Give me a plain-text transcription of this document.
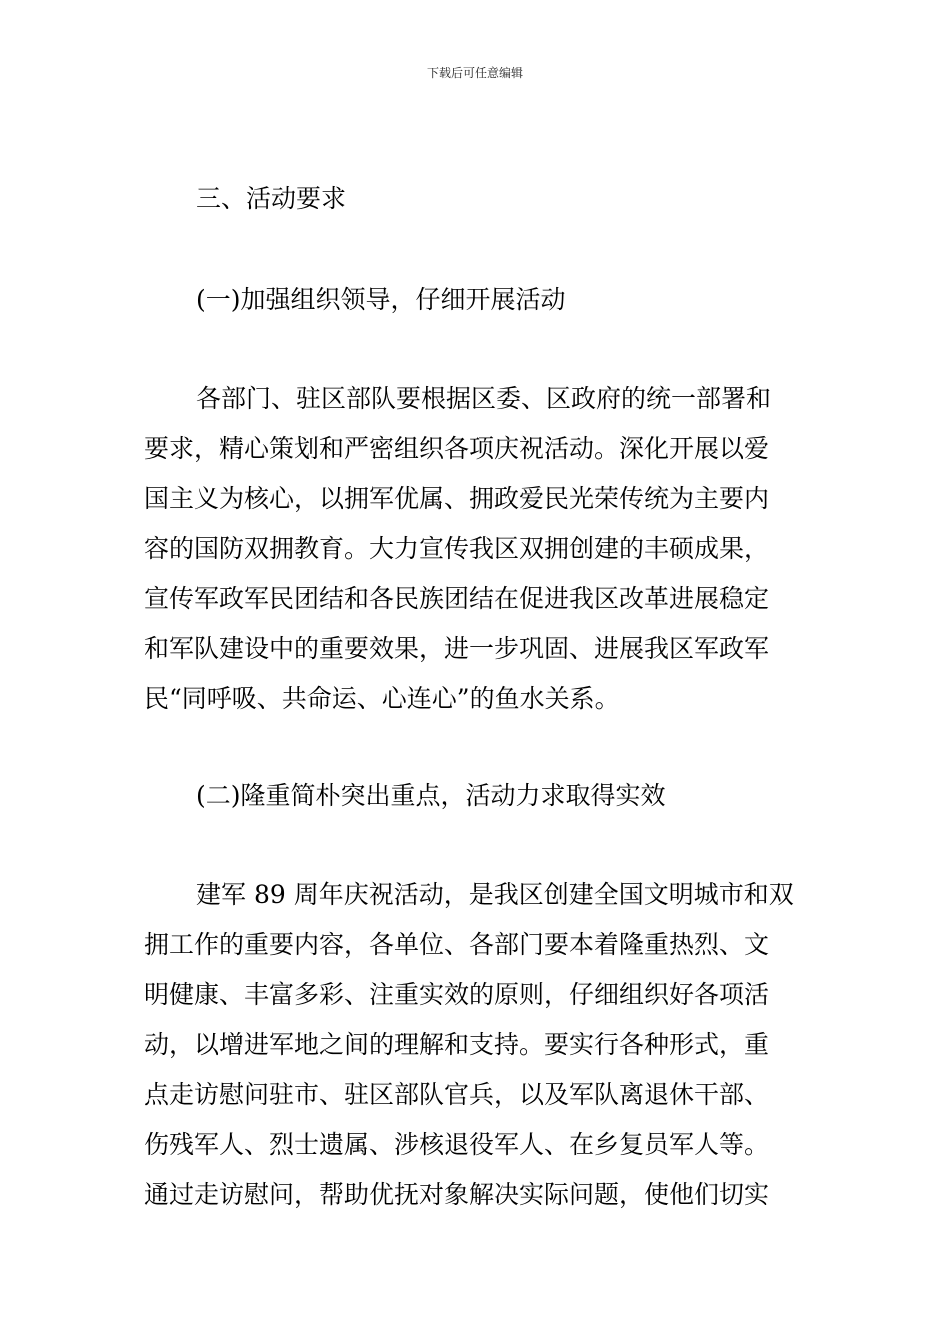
下载后可任意编辑
三、活动要求
(一)加强组织领导，仔细开展活动
各部门、驻区部队要根据区委、区政府的统一部署和
要求，精心策划和严密组织各项庆祝活动。深化开展以爱
国主义为核心，以拥军优属、拥政爱民光荣传统为主要内
容的国防双拥教育。大力宣传我区双拥创建的丰硕成果，
宣传军政军民团结和各民族团结在促进我区改革进展稳定
和军队建设中的重要效果，进一步巩固、进展我区军政军
民“同呼吸、共命运、心连心”的鱼水关系。
(二)隆重简朴突出重点，活动力求取得实效
建军 89 周年庆祝活动，是我区创建全国文明城市和双
拥工作的重要内容，各单位、各部门要本着隆重热烈、文
明健康、丰富多彩、注重实效的原则，仔细组织好各项活
动，以增进军地之间的理解和支持。要实行各种形式，重
点走访慰问驻市、驻区部队官兵，以及军队离退休干部、
伤残军人、烈士遗属、涉核退役军人、在乡复员军人等。
通过走访慰问，帮助优抚对象解决实际问题，使他们切实
